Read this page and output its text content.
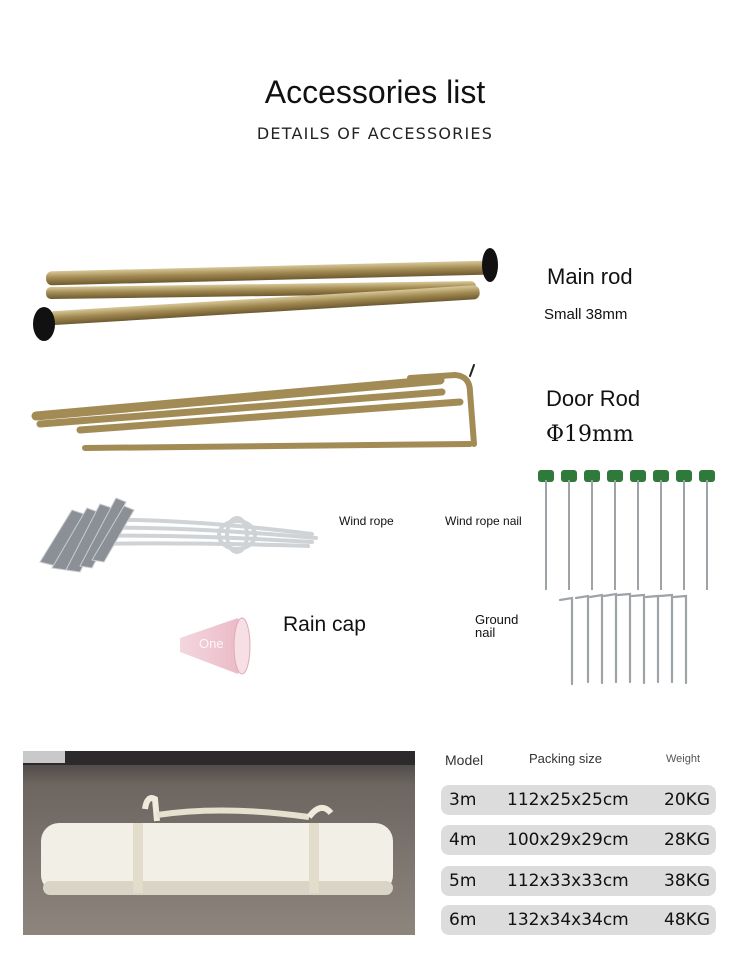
Accessories list
DETAILS OF ACCESSORIES
Main rod
Small 38mm
Door Rod
Φ19mm
Wind rope	Wind rope nail
One
Rain cap	Ground nail
Model	Packing size	Weight
3m 112x25x25cm 20KG
4m 100x29x29cm 28KG
5m 112x33x33cm 38KG
6m 132x34x34cm 48KG
